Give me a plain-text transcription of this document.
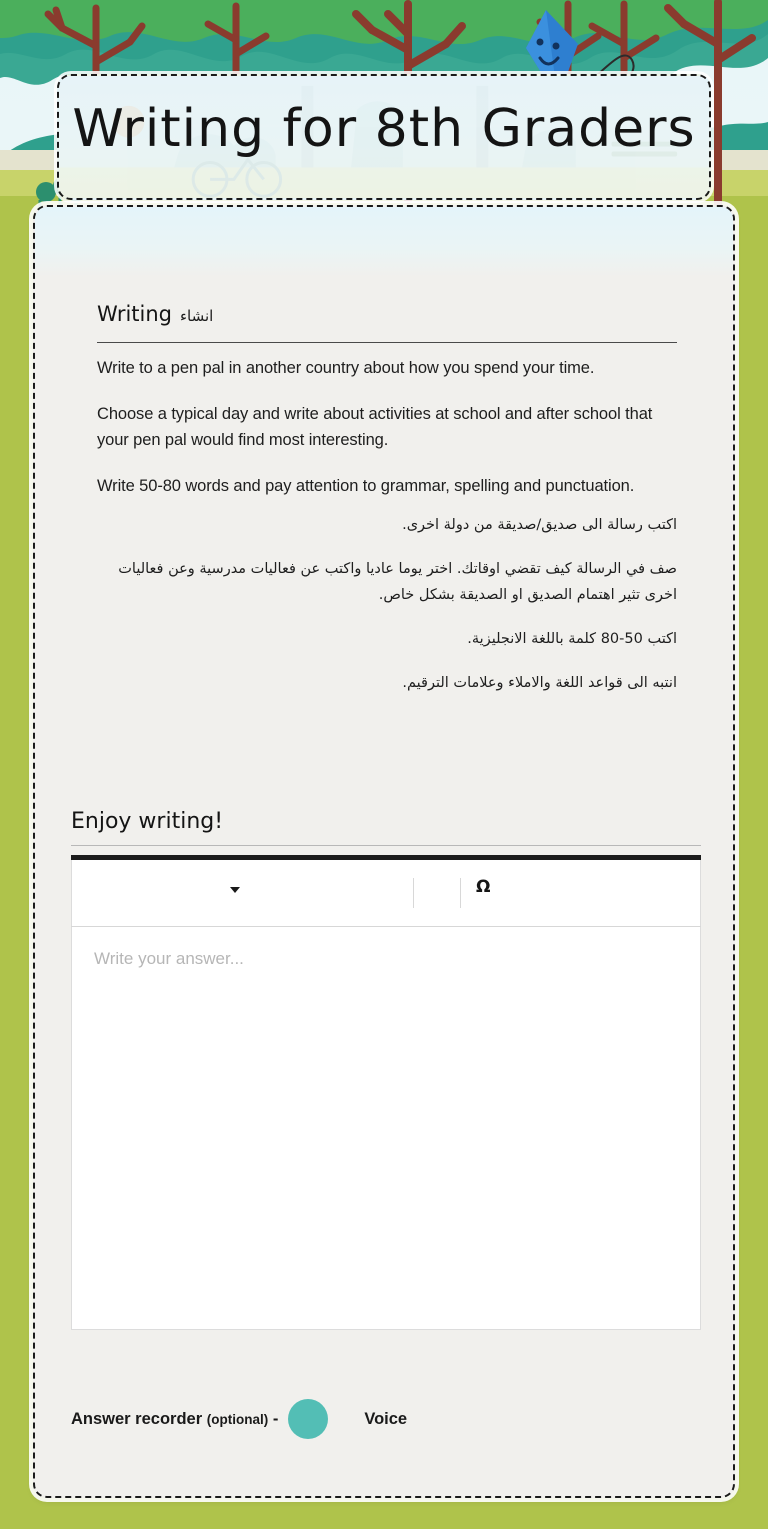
Writing for 8th Graders
Writing انشاء

Write to a pen pal in another country about how you spend your time.

Choose a typical day and write about activities at school and after school that your pen pal would find most interesting.

Write 50-80 words and pay attention to grammar, spelling and punctuation.

اكتب رسالة الى صديق/صديقة من دولة اخرى.

صف في الرسالة كيف تقضي اوقاتك. اختر يوما عاديا واكتب عن فعاليات مدرسية وعن فعاليات اخرى تثير اهتمام الصديق او الصديقة بشكل خاص.

اكتب 50-80 كلمة باللغة الانجليزية.

انتبه الى قواعد اللغة والاملاء وعلامات الترقيم.

Enjoy writing!
Ω
Write your answer...
Answer recorder (optional) -	Voice
